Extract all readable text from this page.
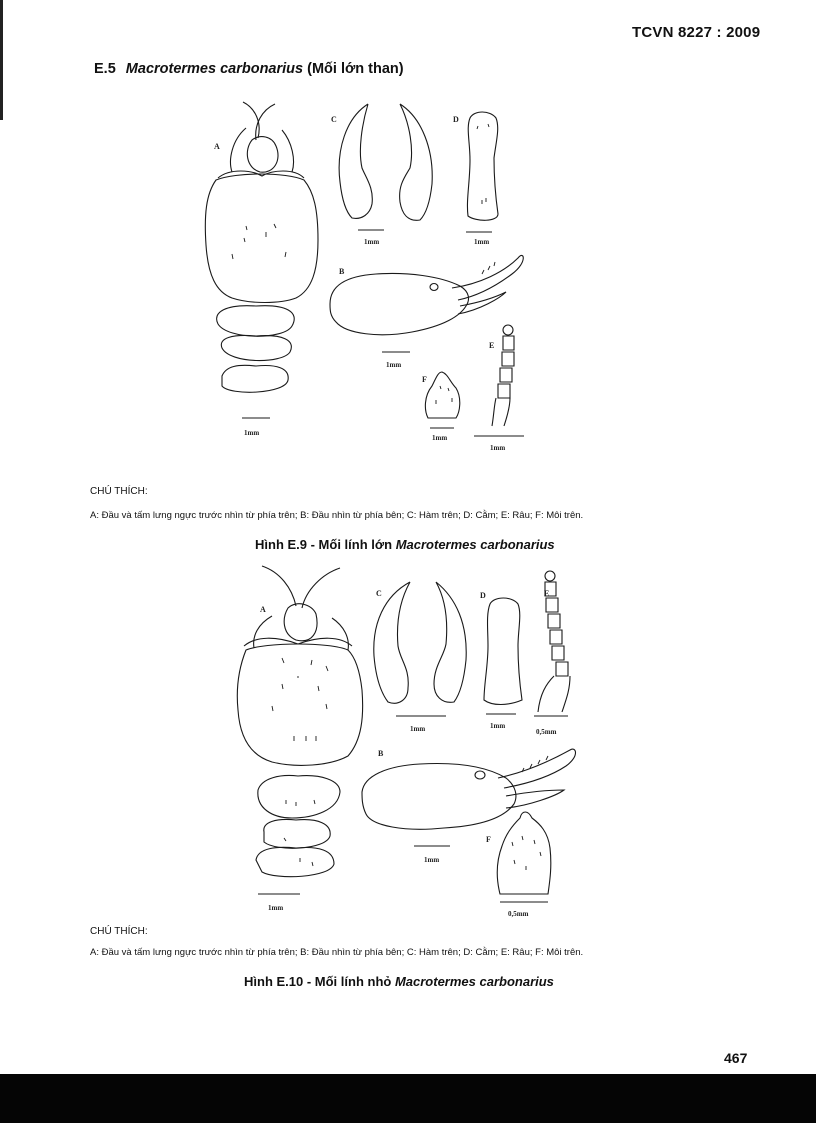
TCVN 8227 : 2009
E.5 Macrotermes carbonarius (Mối lớn than)
A
C	D
B
E
F
1mm	1mm
1mm
1mm
1mm
1mm
CHÚ THÍCH:
A: Đầu và tấm lưng ngực trước nhìn từ phía trên; B: Đầu nhìn từ phía bên; C: Hàm trên; D: Cằm; E: Râu; F: Môi trên.
Hình E.9 - Mối lính lớn Macrotermes carbonarius
A
C	D	E
B
F
1mm	1mm
0,5mm
1mm
1mm
0,5mm
CHÚ THÍCH:
A: Đầu và tấm lưng ngực trước nhìn từ phía trên; B: Đầu nhìn từ phía bên; C: Hàm trên; D: Cằm; E: Râu; F: Môi trên.
Hình E.10 - Mối lính nhỏ Macrotermes carbonarius
467
